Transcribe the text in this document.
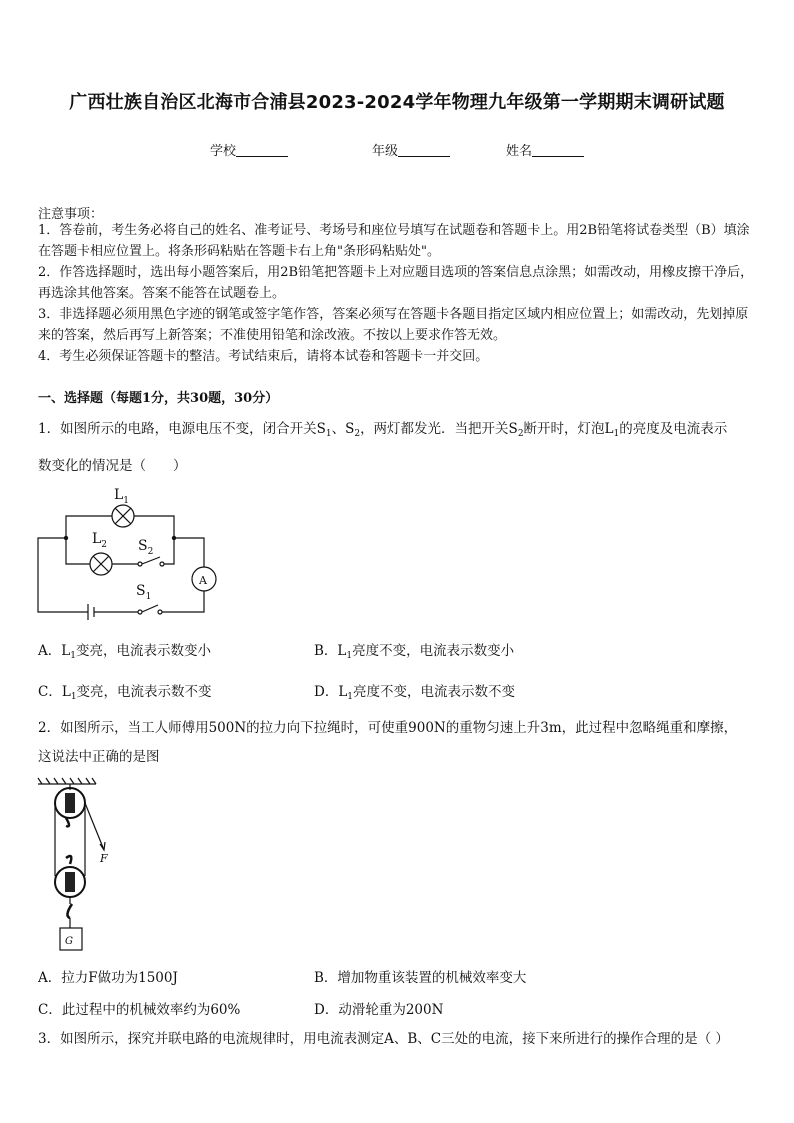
广西壮族自治区北海市合浦县2023-2024学年物理九年级第一学期期末调研试题
学校	年级	姓名
注意事项：
1．答卷前，考生务必将自己的姓名、准考证号、考场号和座位号填写在试题卷和答题卡上。用2B铅笔将试卷类型（B）填涂在答题卡相应位置上。将条形码粘贴在答题卡右上角"条形码粘贴处"。
2．作答选择题时，选出每小题答案后，用2B铅笔把答题卡上对应题目选项的答案信息点涂黑；如需改动，用橡皮擦干净后，再选涂其他答案。答案不能答在试题卷上。
3．非选择题必须用黑色字迹的钢笔或签字笔作答，答案必须写在答题卡各题目指定区域内相应位置上；如需改动，先划掉原来的答案，然后再写上新答案；不准使用铅笔和涂改液。不按以上要求作答无效。
4．考生必须保证答题卡的整洁。考试结束后，请将本试卷和答题卡一并交回。
一、选择题（每题1分，共30题，30分）
1．如图所示的电路，电源电压不变，闭合开关$S_1$、$S_2$，两灯都发光．当把开关$S_2$断开时，灯泡$L_1$的亮度及电流表示
数变化的情况是（　　）
$L_1$
$L_2$ $S_2$
$S_1$
A
A．$L_1$变亮，电流表示数变小	B．$L_1$亮度不变，电流表示数变小
C．$L_1$变亮，电流表示数不变	D．$L_1$亮度不变，电流表示数不变
2．如图所示，当工人师傅用500N的拉力向下拉绳时，可使重900N的重物匀速上升3m，此过程中忽略绳重和摩擦，
这说法中正确的是图
F
G
A．拉力F做功为1500J	B．增加物重该装置的机械效率变大
C．此过程中的机械效率约为60%	D．动滑轮重为200N
3．如图所示，探究并联电路的电流规律时，用电流表测定A、B、C三处的电流，接下来所进行的操作合理的是（ ）
